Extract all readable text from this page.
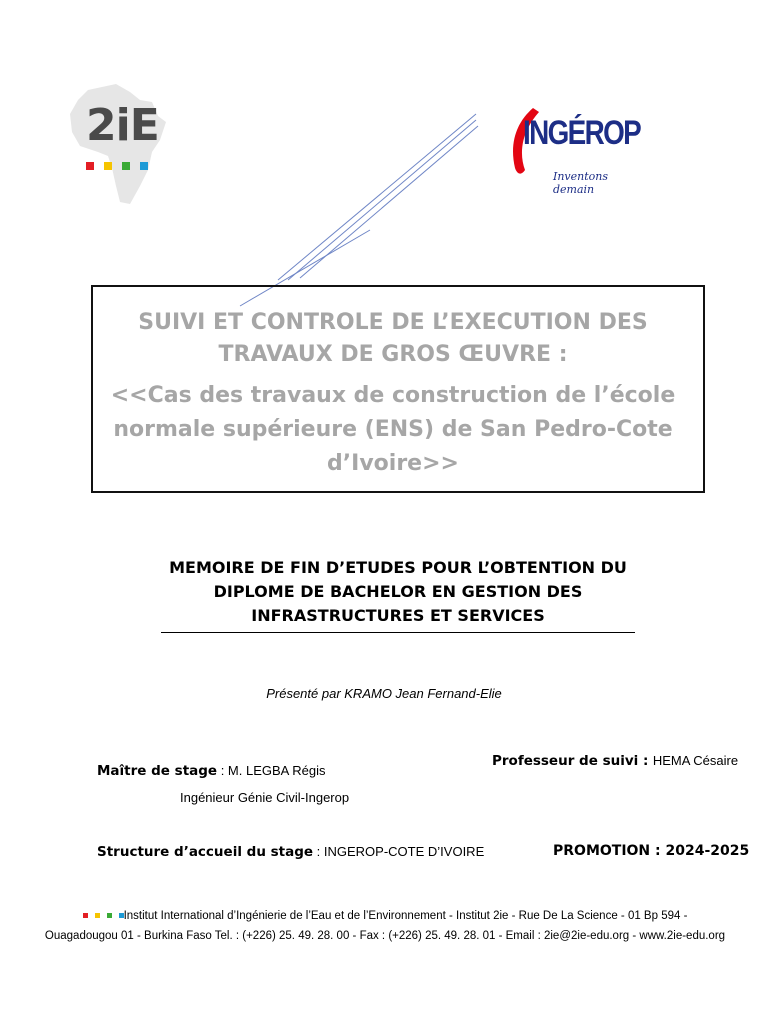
2iE	INGÉROP
Inventons demain
SUIVI ET CONTROLE DE L’EXECUTION DES TRAVAUX DE GROS ŒUVRE :
<<Cas des travaux de construction de l’école normale supérieure (ENS) de San Pedro-Cote d’Ivoire>>
MEMOIRE DE FIN D’ETUDES POUR L’OBTENTION DU DIPLOME DE BACHELOR EN GESTION DES INFRASTRUCTURES ET SERVICES
Présenté par KRAMO Jean Fernand-Elie
Maître de stage : M. LEGBA Régis
Ingénieur Génie Civil-Ingerop
Professeur de suivi : HEMA Césaire
Structure d’accueil du stage : INGEROP-COTE D’IVOIRE	PROMOTION : 2024-2025
Institut International d’Ingénierie de l’Eau et de l’Environnement - Institut 2ie - Rue De La Science - 01 Bp 594 -
Ouagadougou 01 - Burkina Faso Tel. : (+226) 25. 49. 28. 00 - Fax : (+226) 25. 49. 28. 01 - Email : 2ie@2ie-edu.org - www.2ie-edu.org
